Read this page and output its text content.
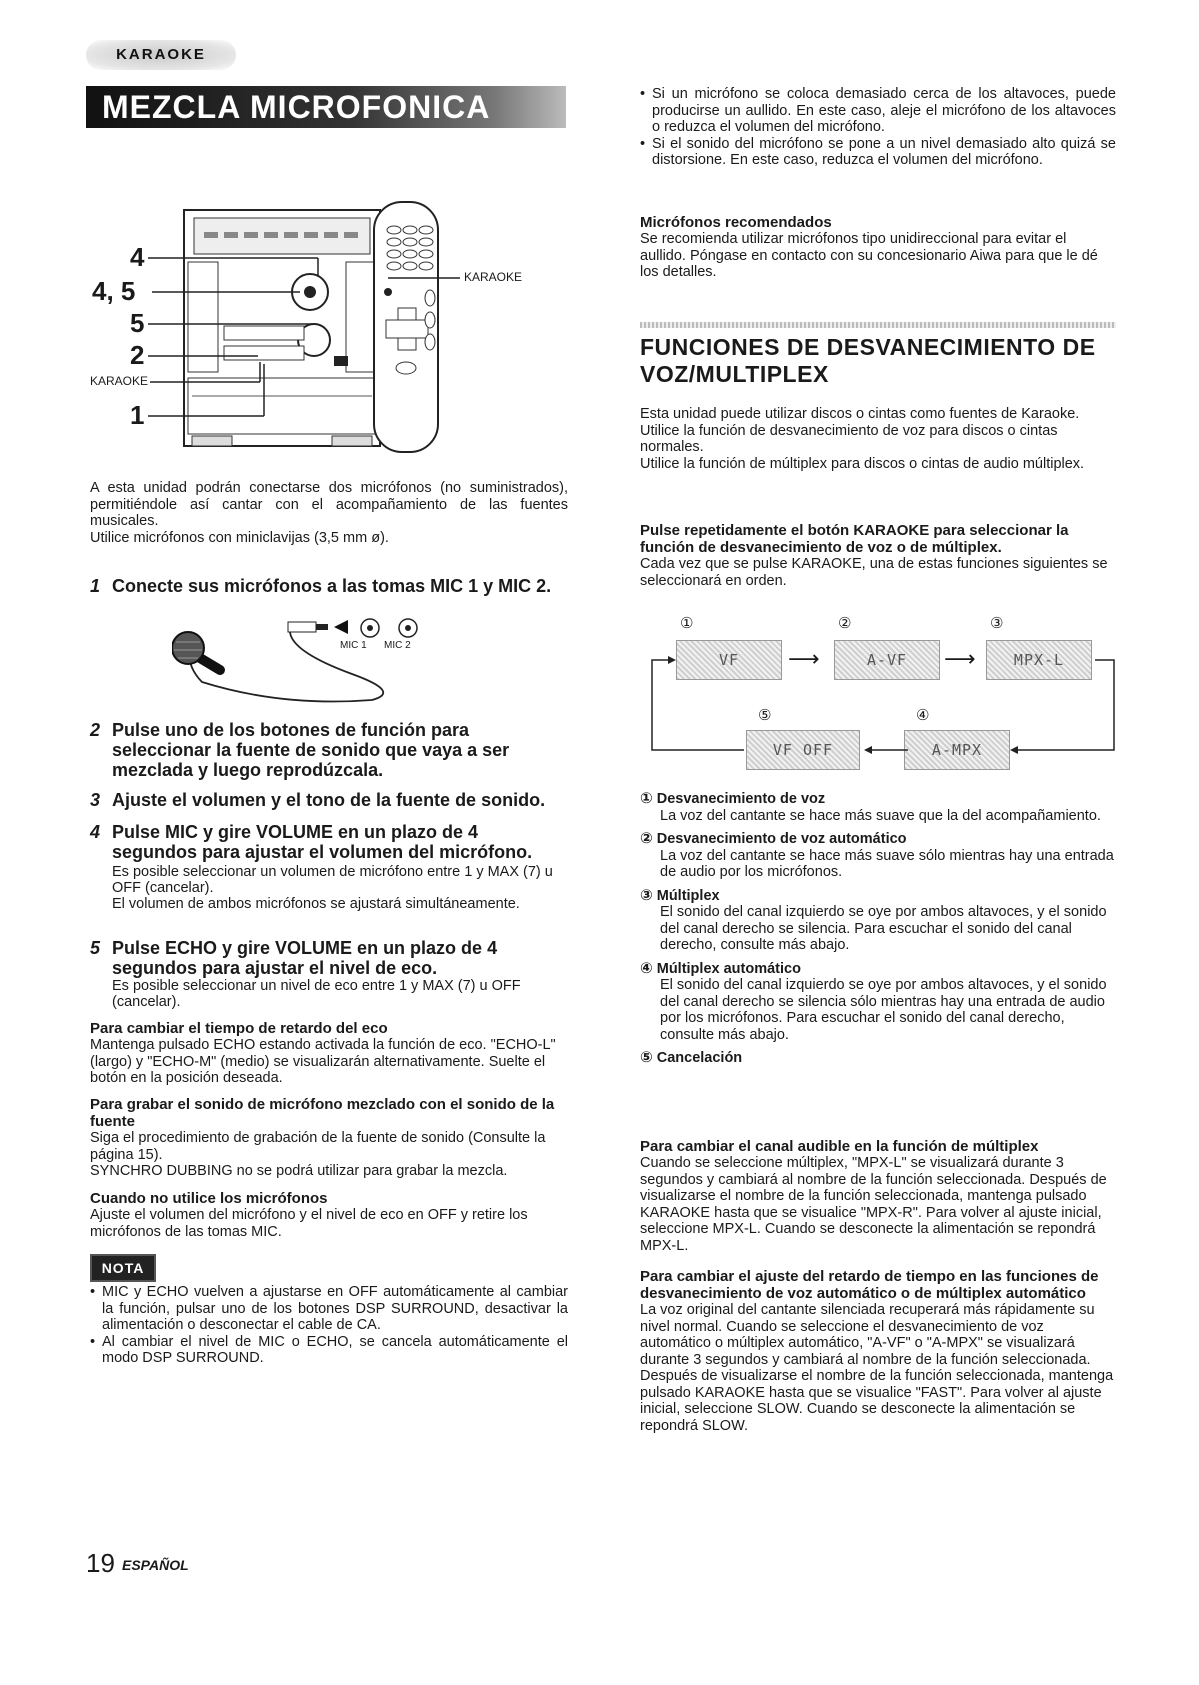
KARAOKE
MEZCLA MICROFONICA
4
4, 5
5
2
KARAOKE
1
KARAOKE

A esta unidad podrán conectarse dos micrófonos (no suministrados), permitiéndole así cantar con el acompañamiento de las fuentes musicales.

Utilice micrófonos con miniclavijas (3,5 mm ø).

1 Conecte sus micrófonos a las tomas MIC 1 y MIC 2.
MIC 1 MIC 2
2 Pulse uno de los botones de función para seleccionar la fuente de sonido que vaya a ser mezclada y luego reprodúzcala.
3 Ajuste el volumen y el tono de la fuente de sonido.
4 Pulse MIC y gire VOLUME en un plazo de 4 segundos para ajustar el volumen del micrófono.

Es posible seleccionar un volumen de micrófono entre 1 y MAX (7) u OFF (cancelar).

El volumen de ambos micrófonos se ajustará simultáneamente.

5 Pulse ECHO y gire VOLUME en un plazo de 4 segundos para ajustar el nivel de eco.

Es posible seleccionar un nivel de eco entre 1 y MAX (7) u OFF (cancelar).

Para cambiar el tiempo de retardo del eco

Mantenga pulsado ECHO estando activada la función de eco. "ECHO-L" (largo) y "ECHO-M" (medio) se visualizarán alternativamente. Suelte el botón en la posición deseada.

Para grabar el sonido de micrófono mezclado con el sonido de la fuente

Siga el procedimiento de grabación de la fuente de sonido (Consulte la página 15).

SYNCHRO DUBBING no se podrá utilizar para grabar la mezcla.

Cuando no utilice los micrófonos

Ajuste el volumen del micrófono y el nivel de eco en OFF y retire los micrófonos de las tomas MIC.

NOTA

• MIC y ECHO vuelven a ajustarse en OFF automáticamente al cambiar la función, pulsar uno de los botones DSP SURROUND, desactivar la alimentación o desconectar el cable de CA.

• Al cambiar el nivel de MIC o ECHO, se cancela automáticamente el modo DSP SURROUND.

19 ESPAÑOL

• Si un micrófono se coloca demasiado cerca de los altavoces, puede producirse un aullido. En este caso, aleje el micrófono de los altavoces o reduzca el volumen del micrófono.

• Si el sonido del micrófono se pone a un nivel demasiado alto quizá se distorsione. En este caso, reduzca el volumen del micrófono.

Micrófonos recomendados

Se recomienda utilizar micrófonos tipo unidireccional para evitar el aullido. Póngase en contacto con su concesionario Aiwa para que le dé los detalles.

FUNCIONES DE DESVANECIMIENTO DE VOZ/MULTIPLEX

Esta unidad puede utilizar discos o cintas como fuentes de Karaoke.

Utilice la función de desvanecimiento de voz para discos o cintas normales.

Utilice la función de múltiplex para discos o cintas de audio múltiplex.

Pulse repetidamente el botón KARAOKE para seleccionar la función de desvanecimiento de voz o de múltiplex.

Cada vez que se pulse KARAOKE, una de estas funciones siguientes se seleccionará en orden.

①	②	③
VF	A-VF	MPX-L
⟶	⟶
⑤	④
VF OFF	A-MPX

① Desvanecimiento de voz

La voz del cantante se hace más suave que la del acompañamiento.

② Desvanecimiento de voz automático

La voz del cantante se hace más suave sólo mientras hay una entrada de audio por los micrófonos.

③ Múltiplex

El sonido del canal izquierdo se oye por ambos altavoces, y el sonido del canal derecho se silencia. Para escuchar el sonido del canal derecho, consulte más abajo.

④ Múltiplex automático

El sonido del canal izquierdo se oye por ambos altavoces, y el sonido del canal derecho se silencia sólo mientras hay una entrada de audio por los micrófonos. Para escuchar el sonido del canal derecho, consulte más abajo.

⑤ Cancelación

Para cambiar el canal audible en la función de múltiplex

Cuando se seleccione múltiplex, "MPX-L" se visualizará durante 3 segundos y cambiará al nombre de la función seleccionada. Después de visualizarse el nombre de la función seleccionada, mantenga pulsado KARAOKE hasta que se visualice "MPX-R". Para volver al ajuste inicial, seleccione MPX-L. Cuando se desconecte la alimentación se repondrá MPX-L.

Para cambiar el ajuste del retardo de tiempo en las funciones de desvanecimiento de voz automático o de múltiplex automático

La voz original del cantante silenciada recuperará más rápidamente su nivel normal. Cuando se seleccione el desvanecimiento de voz automático o múltiplex automático, "A-VF" o "A-MPX" se visualizará durante 3 segundos y cambiará al nombre de la función seleccionada. Después de visualizarse el nombre de la función seleccionada, mantenga pulsado KARAOKE hasta que se visualice "FAST". Para volver al ajuste inicial, seleccione SLOW. Cuando se desconecte la alimentación se repondrá SLOW.
